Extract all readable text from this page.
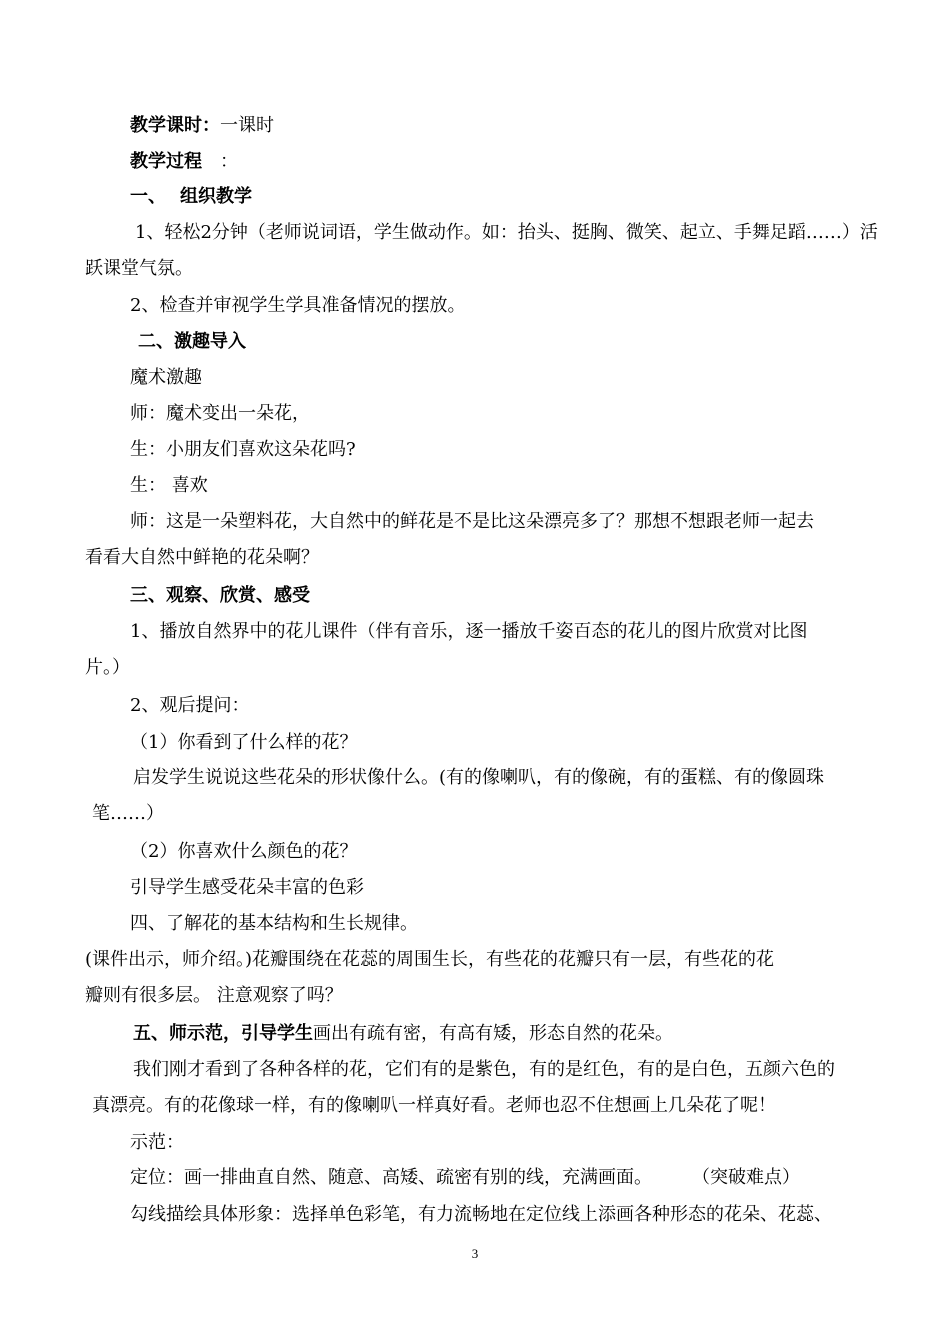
教学课时：一课时
教学过程 ：
一、 组织教学
1、轻松2分钟（老师说词语，学生做动作。如：抬头、挺胸、微笑、起立、手舞足蹈……）活
跃课堂气氛。
2、检查并审视学生学具准备情况的摆放。
二、激趣导入
魔术激趣
师：魔术变出一朵花，
生：小朋友们喜欢这朵花吗?
生： 喜欢
师：这是一朵塑料花，大自然中的鲜花是不是比这朵漂亮多了？那想不想跟老师一起去
看看大自然中鲜艳的花朵啊？
三、观察、欣赏、感受
1、播放自然界中的花儿课件（伴有音乐，逐一播放千姿百态的花儿的图片欣赏对比图
片。）
2、观后提问：
（1）你看到了什么样的花？
启发学生说说这些花朵的形状像什么。(有的像喇叭，有的像碗，有的蛋糕、有的像圆珠
笔……）
（2）你喜欢什么颜色的花？
引导学生感受花朵丰富的色彩
四、了解花的基本结构和生长规律。
(课件出示，师介绍。)花瓣围绕在花蕊的周围生长，有些花的花瓣只有一层，有些花的花
瓣则有很多层。 注意观察了吗？
五、师示范，引导学生画出有疏有密，有高有矮，形态自然的花朵。
我们刚才看到了各种各样的花，它们有的是紫色，有的是红色，有的是白色，五颜六色的
真漂亮。有的花像球一样，有的像喇叭一样真好看。老师也忍不住想画上几朵花了呢！
示范：
定位：画一排曲直自然、随意、高矮、疏密有别的线，充满画面。 （突破难点）
勾线描绘具体形象：选择单色彩笔，有力流畅地在定位线上添画各种形态的花朵、花蕊、
3
